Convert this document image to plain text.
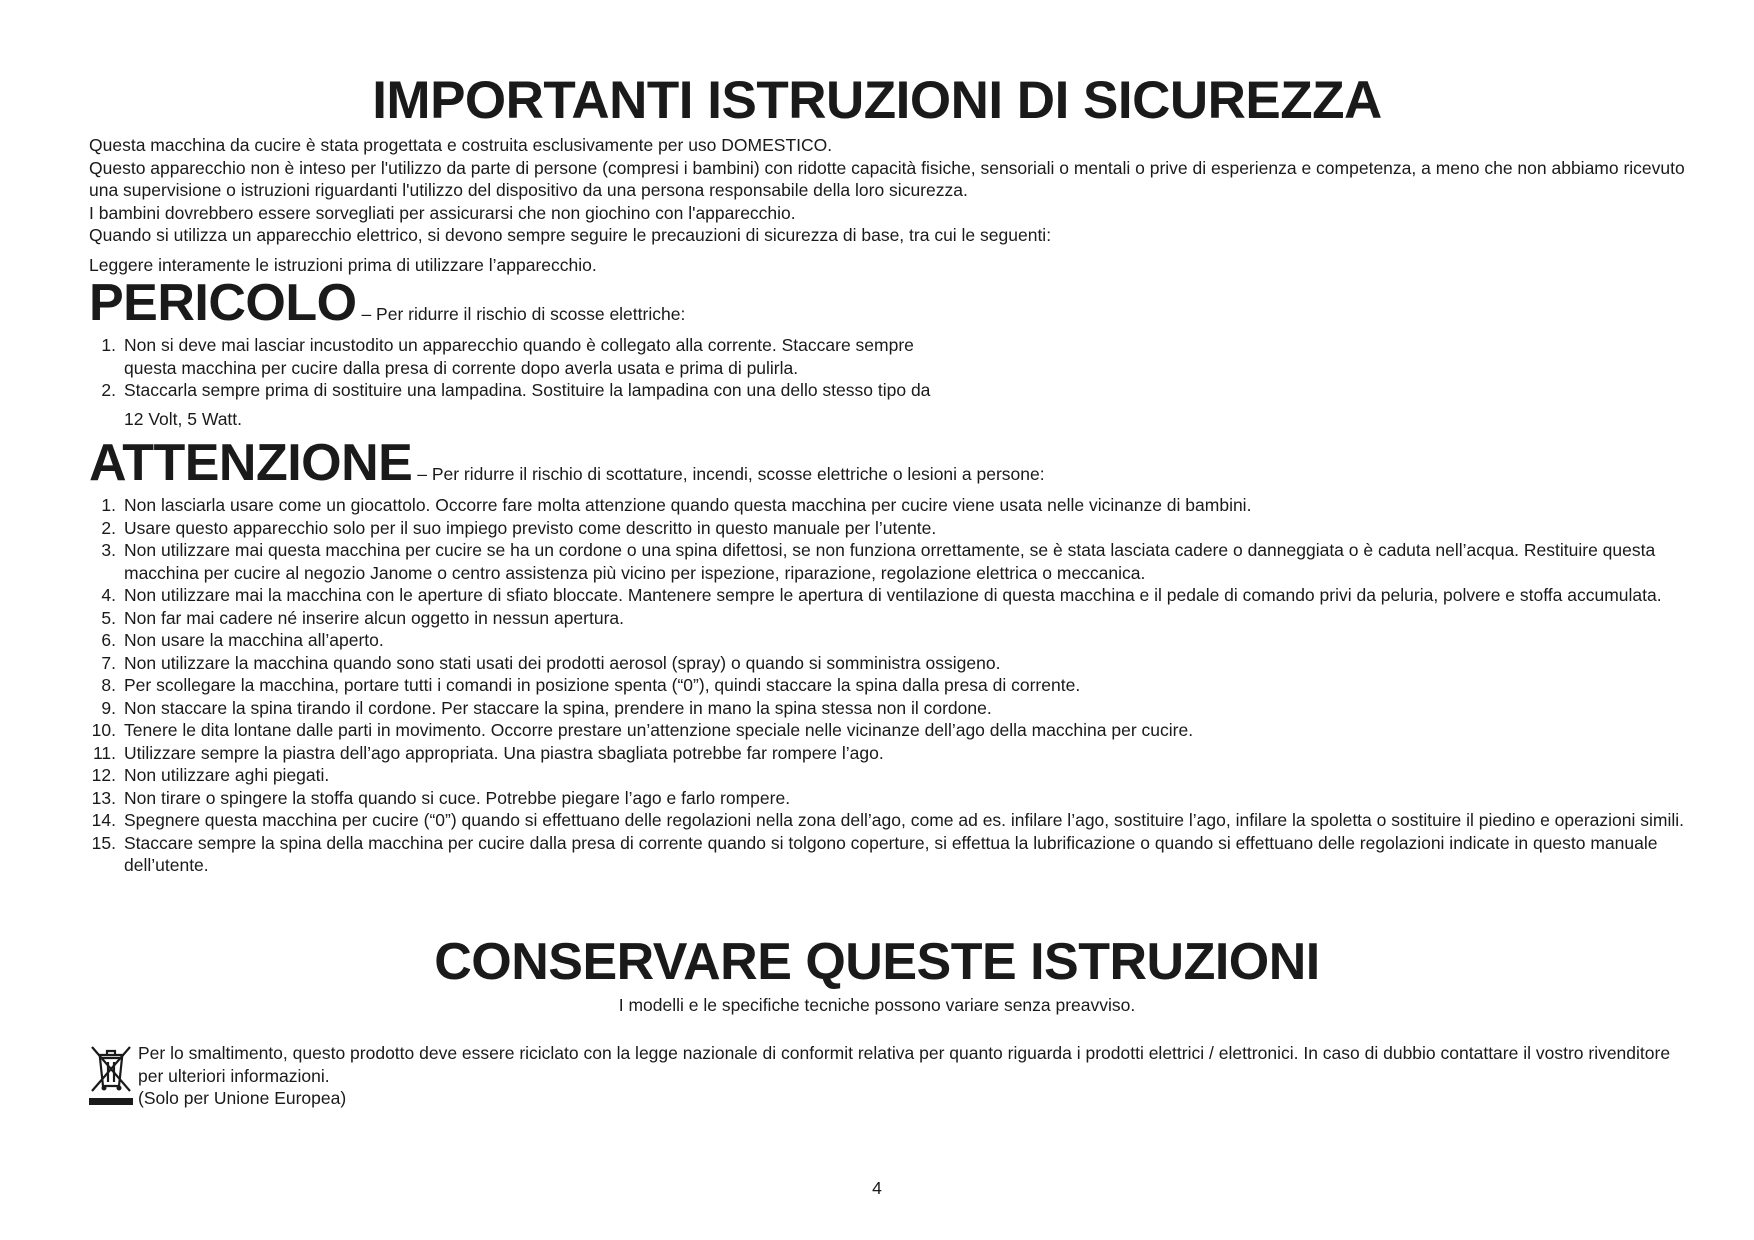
IMPORTANTI ISTRUZIONI DI SICUREZZA

Questa macchina da cucire è stata progettata e costruita esclusivamente per uso DOMESTICO.

Questo apparecchio non è inteso per l'utilizzo da parte di persone (compresi i bambini) con ridotte capacità fisiche, sensoriali o mentali o prive di esperienza e competenza, a meno che non abbiamo ricevuto una supervisione o istruzioni riguardanti l'utilizzo del dispositivo da una persona responsabile della loro sicurezza.

I bambini dovrebbero essere sorvegliati per assicurarsi che non giochino con l'apparecchio.

Quando si utilizza un apparecchio elettrico, si devono sempre seguire le precauzioni di sicurezza di base, tra cui le seguenti:

Leggere interamente le istruzioni prima di utilizzare l’apparecchio.

PERICOLO – Per ridurre il rischio di scosse elettriche:
1. Non si deve mai lasciar incustodito un apparecchio quando è collegato alla corrente. Staccare sempre
questa macchina per cucire dalla presa di corrente dopo averla usata e prima di pulirla.
2. Staccarla sempre prima di sostituire una lampadina. Sostituire la lampadina con una dello stesso tipo da
12 Volt, 5 Watt.
ATTENZIONE – Per ridurre il rischio di scottature, incendi, scosse elettriche o lesioni a persone:
1. Non lasciarla usare come un giocattolo. Occorre fare molta attenzione quando questa macchina per cucire viene usata nelle vicinanze di bambini.
2. Usare questo apparecchio solo per il suo impiego previsto come descritto in questo manuale per l’utente.
3. Non utilizzare mai questa macchina per cucire se ha un cordone o una spina difettosi, se non funziona orrettamente, se è stata lasciata cadere o danneggiata o è caduta nell’acqua. Restituire questa macchina per cucire al negozio Janome o centro assistenza più vicino per ispezione, riparazione, regolazione elettrica o meccanica.
4. Non utilizzare mai la macchina con le aperture di sfiato bloccate. Mantenere sempre le apertura di ventilazione di questa macchina e il pedale di comando privi da peluria, polvere e stoffa accumulata.
5. Non far mai cadere né inserire alcun oggetto in nessun apertura.
6. Non usare la macchina all’aperto.
7. Non utilizzare la macchina quando sono stati usati dei prodotti aerosol (spray) o quando si somministra ossigeno.
8. Per scollegare la macchina, portare tutti i comandi in posizione spenta (“0”), quindi staccare la spina dalla presa di corrente.
9. Non staccare la spina tirando il cordone. Per staccare la spina, prendere in mano la spina stessa non il cordone.
10. Tenere le dita lontane dalle parti in movimento. Occorre prestare un’attenzione speciale nelle vicinanze dell’ago della macchina per cucire.
11. Utilizzare sempre la piastra dell’ago appropriata. Una piastra sbagliata potrebbe far rompere l’ago.
12. Non utilizzare aghi piegati.
13. Non tirare o spingere la stoffa quando si cuce. Potrebbe piegare l’ago e farlo rompere.
14. Spegnere questa macchina per cucire (“0”) quando si effettuano delle regolazioni nella zona dell’ago, come ad es. infilare l’ago, sostituire l’ago, infilare la spoletta o sostituire il piedino e operazioni simili.
15. Staccare sempre la spina della macchina per cucire dalla presa di corrente quando si tolgono coperture, si effettua la lubrificazione o quando si effettuano delle regolazioni indicate in questo manuale dell’utente.
CONSERVARE QUESTE ISTRUZIONI
I modelli e le specifiche tecniche possono variare senza preavviso.

Per lo smaltimento, questo prodotto deve essere riciclato con la legge nazionale di conformit relativa per quanto riguarda i prodotti elettrici / elettronici. In caso di dubbio contattare il vostro rivenditore per ulteriori informazioni.

(Solo per Unione Europea)

4
